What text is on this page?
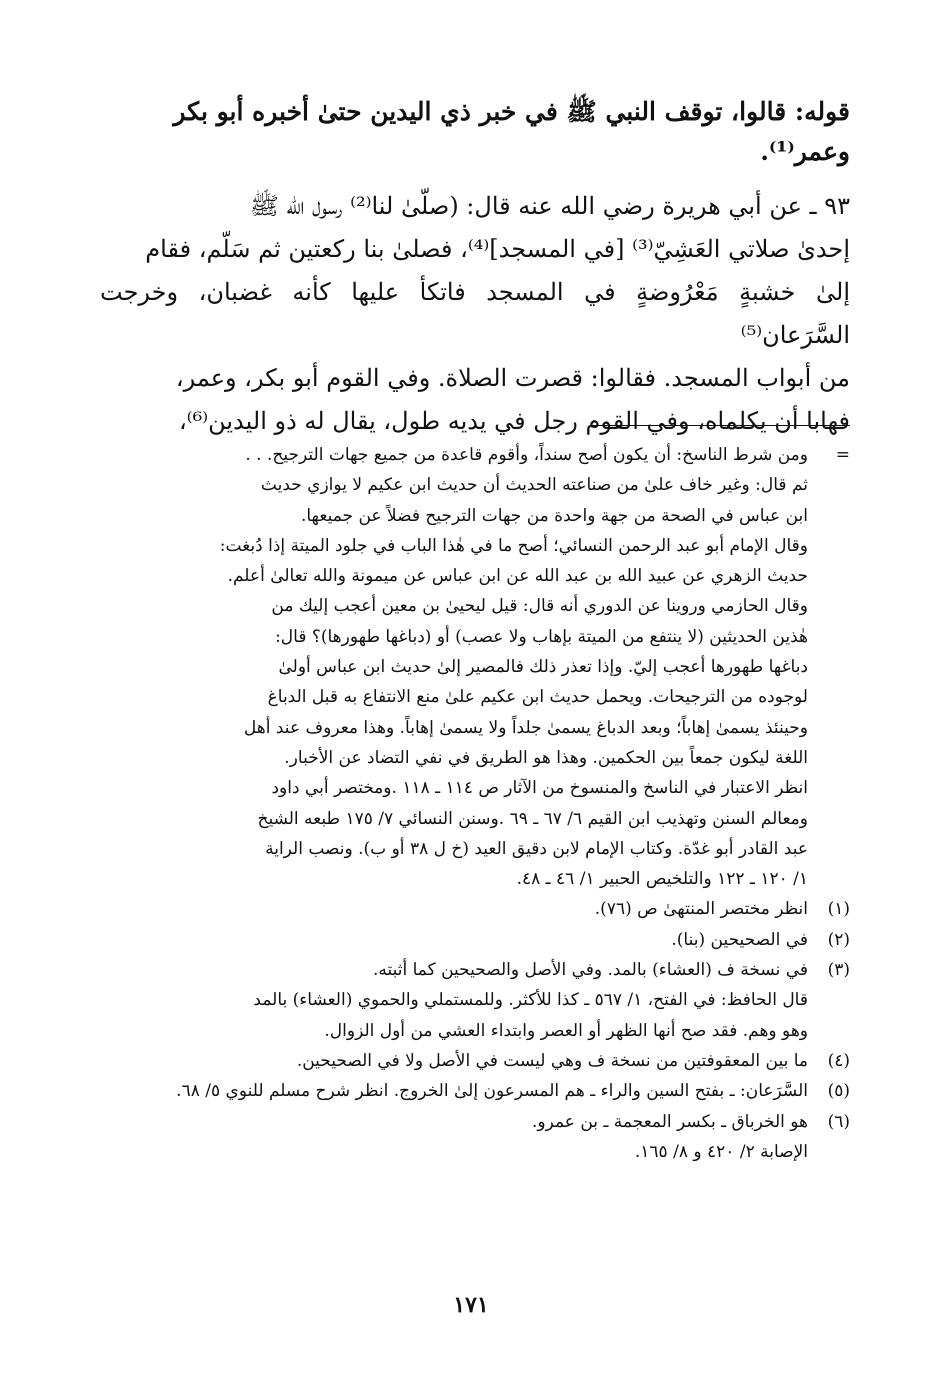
قوله: قالوا، توقف النبي ﷺ في خبر ذي اليدين حتىٰ أخبره أبو بكر وعمر⁽¹⁾.

٩٣ ـ عن أبي هريرة رضي الله عنه قال: (صلّىٰ لنا⁽²⁾ رسول الله ﷺ

إحدىٰ صلاتي العَشِيّ⁽³⁾ [في المسجد]⁽⁴⁾، فصلىٰ بنا ركعتين ثم سَلّم، فقام

إلىٰ خشبةٍ مَعْرُوضةٍ في المسجد فاتكأ عليها كأنه غضبان، وخرجت السَّرَعان⁽⁵⁾

من أبواب المسجد. فقالوا: قصرت الصلاة. وفي القوم أبو بكر، وعمر،

فهابا أن يكلماه، وفي القوم رجل في يديه طول، يقال له ذو اليدين⁽⁶⁾،

=

ومن شرط الناسخ: أن يكون أصح سنداً، وأقوم قاعدة من جميع جهات الترجيح. . .

ثم قال: وغير خاف علىٰ من صناعته الحديث أن حديث ابن عكيم لا يوازي حديث

ابن عباس في الصحة من جهة واحدة من جهات الترجيح فضلاً عن جميعها.

وقال الإمام أبو عبد الرحمن النسائي؛ أصح ما في هٰذا الباب في جلود الميتة إذا دُبغت:

حديث الزهري عن عبيد الله بن عبد الله عن ابن عباس عن ميمونة والله تعالىٰ أعلم.

وقال الحازمي وروينا عن الدوري أنه قال: قيل ليحيىٰ بن معين أعجب إليك من

هٰذين الحديثين (لا ينتفع من الميتة بإهاب ولا عصب) أو (دباغها طهورها)؟ قال:

دباغها طهورها أعجب إليّ. وإذا تعذر ذلك فالمصير إلىٰ حديث ابن عباس أولىٰ

لوجوده من الترجيحات. ويحمل حديث ابن عكيم علىٰ منع الانتفاع به قبل الدباغ

وحينئذ يسمىٰ إهاباً؛ وبعد الدباغ يسمىٰ جلداً ولا يسمىٰ إهاباً. وهذا معروف عند أهل

اللغة ليكون جمعاً بين الحكمين. وهذا هو الطريق في نفي التضاد عن الأخبار.

انظر الاعتبار في الناسخ والمنسوخ من الآثار ص ١١٤ ـ ١١٨ .ومختصر أبي داود

ومعالم السنن وتهذيب ابن القيم ٦/ ٦٧ ـ ٦٩ .وسنن النسائي ٧/ ١٧٥ طبعه الشيخ

عبد القادر أبو غدّة. وكتاب الإمام لابن دقيق العيد (خ ل ٣٨ أو ب). ونصب الراية

١/ ١٢٠ ـ ١٢٢ والتلخيص الحبير ١/ ٤٦ ـ ٤٨.

(١)

انظر مختصر المنتهىٰ ص (٧٦).

(٢)

في الصحيحين (بنا).

(٣)

في نسخة ف (العشاء) بالمد. وفي الأصل والصحيحين كما أثبته.

قال الحافظ: في الفتح، ١/ ٥٦٧ ـ كذا للأكثر. وللمستملي والحموي (العشاء) بالمد

وهو وهم. فقد صح أنها الظهر أو العصر وابتداء العشي من أول الزوال.

(٤)

ما بين المعقوفتين من نسخة ف وهي ليست في الأصل ولا في الصحيحين.

(٥)

السَّرَعان: ـ بفتح السين والراء ـ هم المسرعون إلىٰ الخروج. انظر شرح مسلم للنوي ٥/ ٦٨.

(٦)

هو الخرباق ـ بكسر المعجمة ـ بن عمرو.

الإصابة ٢/ ٤٢٠ و ٨/ ١٦٥.

١٧١
